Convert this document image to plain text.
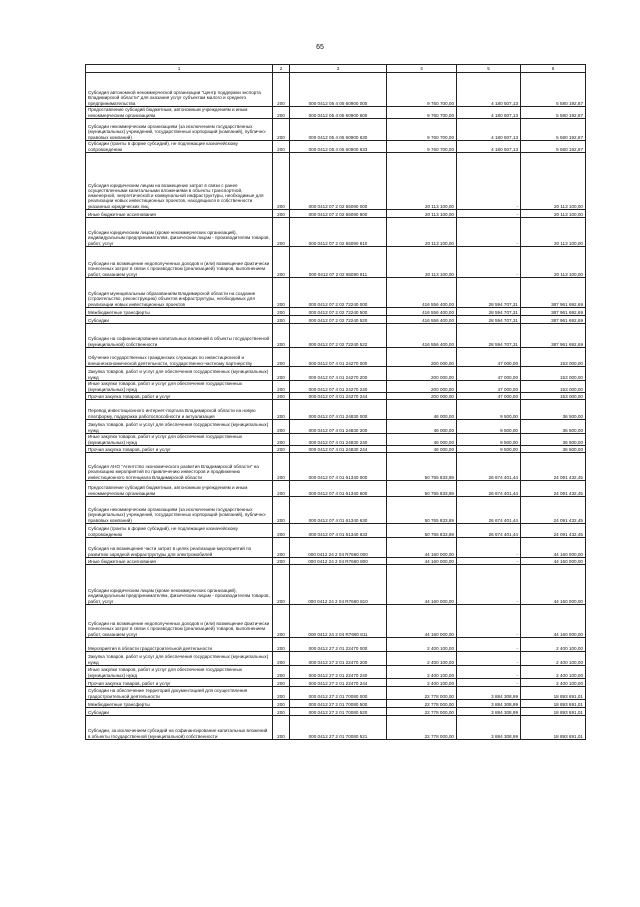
65
1	2	3	4	5	6

Субсидия автономной некоммерческой организации "Центр поддержки экспорта Владимирской области" для оказания услуг субъектам малого и среднего предпринимательства	200	000 0412 05 4 05 60900 000	9 760 700,00	4 180 507,13	5 580 192,87

Предоставление субсидий бюджетным, автономным учреждениям и иным некоммерческим организациям	200	000 0412 05 4 05 60900 600	9 760 700,00	4 180 507,13	5 580 192,87

Субсидии некоммерческим организациям (за исключением государственных (муниципальных) учреждений, государственных корпораций (компаний), публично-правовых компаний)	200	000 0412 05 4 05 60900 630	9 760 700,00	4 180 507,13	5 580 192,87

Субсидии (гранты в форме субсидий), не подлежащие казначейскому сопровождению	200	000 0412 05 4 05 60900 633	9 760 700,00	4 180 507,13	5 580 192,87

Субсидия юридическим лицам на возмещение затрат в связи с ранее осуществленными капитальными вложениями в объекты транспортной, инженерной, энергетической и коммунальной инфраструктуры, необходимые для реализации новых инвестиционных проектов, находящихся в собственности указанных юридических лиц	200	000 0412 07 2 02 65090 000	20 113 100,00	-	20 113 100,00

Иные бюджетные ассигнования	200	000 0412 07 2 02 65090 800	20 113 100,00	-	20 113 100,00

Субсидии юридическим лицам (кроме некоммерческих организаций), индивидуальным предпринимателям, физическим лицам - производителям товаров, работ, услуг	200	000 0412 07 2 02 65090 810	20 113 100,00	-	20 113 100,00

Субсидии на возмещение недополученных доходов и (или) возмещение фактически понесенных затрат в связи с производством (реализацией) товаров, выполнением работ, оказанием услуг	200	000 0412 07 2 02 65090 811	20 113 100,00	-	20 113 100,00

Субсидия муниципальным образованиям Владимирской области на создание (строительство, реконструкцию) объектов инфраструктуры, необходимых для реализации новых инвестиционных проектов	200	000 0412 07 2 02 72240 000	416 556 400,00	28 594 707,31	387 961 692,69

Межбюджетные трансферты	200	000 0412 07 2 02 72240 500	416 556 400,00	28 594 707,31	387 961 692,69

Субсидии	200	000 0412 07 2 02 72240 520	416 556 400,00	28 594 707,31	387 961 692,69

Субсидии на софинансирование капитальных вложений в объекты государственной (муниципальной) собственности	200	000 0412 07 2 02 72240 522	416 556 400,00	28 594 707,31	387 961 692,69

Обучение государственных гражданских служащих по инвестиционной и внешнеэкономической деятельности, государственно-частному партнерству	200	000 0412 07 4 01 24270 000	200 000,00	47 000,00	153 000,00

Закупка товаров, работ и услуг для обеспечения государственных (муниципальных) нужд	200	000 0412 07 4 01 24270 200	200 000,00	47 000,00	153 000,00

Иные закупки товаров, работ и услуг для обеспечения государственных (муниципальных) нужд	200	000 0412 07 4 01 24270 240	200 000,00	47 000,00	153 000,00

Прочая закупка товаров, работ и услуг	200	000 0412 07 4 01 24270 244	200 000,00	47 000,00	153 000,00

Перевод инвестиционного интернет-портала Владимирской области на новую платформу, поддержка работоспособности и актуализация	200	000 0412 07 4 01 24830 000	46 000,00	9 500,00	36 500,00

Закупка товаров, работ и услуг для обеспечения государственных (муниципальных) нужд	200	000 0412 07 4 01 24830 200	46 000,00	9 500,00	36 500,00

Иные закупки товаров, работ и услуг для обеспечения государственных (муниципальных) нужд	200	000 0412 07 4 01 24830 240	46 000,00	9 500,00	36 500,00

Прочая закупка товаров, работ и услуг	200	000 0412 07 4 01 24830 244	46 000,00	9 500,00	36 500,00

Субсидия АНО "Агентство экономического развития Владимирской области" на реализацию мероприятий по привлечению инвесторов и продвижению инвестиционного потенциала Владимирской области	200	000 0412 07 4 01 61340 000	50 765 833,89	26 674 401,44	24 091 432,45

Предоставление субсидий бюджетным, автономным учреждениям и иным некоммерческим организациям	200	000 0412 07 4 01 61340 600	50 765 833,89	26 674 401,44	24 091 432,45

Субсидии некоммерческим организациям (за исключением государственных (муниципальных) учреждений, государственных корпораций (компаний), публично-правовых компаний)	200	000 0412 07 4 01 61340 630	50 765 833,89	26 674 401,44	24 091 432,45

Субсидии (гранты в форме субсидий), не подлежащие казначейскому сопровождению	200	000 0412 07 4 01 61340 633	50 765 833,89	26 674 401,44	24 091 432,45

Субсидия на возмещение части затрат в целях реализации мероприятий по развитию зарядной инфраструктуры для электромобилей	200	000 0412 24 2 04 R7660 000	44 160 000,00	-	44 160 000,00

Иные бюджетные ассигнования	200	000 0412 24 2 04 R7660 800	44 160 000,00	-	44 160 000,00

Субсидии юридическим лицам (кроме некоммерческих организаций), индивидуальным предпринимателям, физическим лицам - производителям товаров, работ, услуг	200	000 0412 24 2 04 R7660 810	44 160 000,00	-	44 160 000,00

Субсидии на возмещение недополученных доходов и (или) возмещение фактически понесенных затрат в связи с производством (реализацией) товаров, выполнением работ, оказанием услуг	200	000 0412 24 2 04 R7660 811	44 160 000,00	-	44 160 000,00

Мероприятия в области градостроительной деятельности	200	000 0412 27 2 01 22470 000	2 400 100,00	-	2 400 100,00

Закупка товаров, работ и услуг для обеспечения государственных (муниципальных) нужд	200	000 0412 27 2 01 22470 200	2 400 100,00	-	2 400 100,00

Иные закупки товаров, работ и услуг для обеспечения государственных (муниципальных) нужд	200	000 0412 27 2 01 22470 240	2 400 100,00	-	2 400 100,00

Прочая закупка товаров, работ и услуг	200	000 0412 27 2 01 22470 244	2 400 100,00	-	2 400 100,00

Субсидии на обеспечение территорий документацией для осуществления градостроительной деятельности	200	000 0412 27 2 01 70080 000	22 778 000,00	3 884 308,99	18 893 691,01

Межбюджетные трансферты	200	000 0412 27 2 01 70080 500	22 778 000,00	3 884 308,99	18 893 691,01

Субсидии	200	000 0412 27 2 01 70080 520	22 778 000,00	3 884 308,99	18 893 691,01

Субсидии, за исключением субсидий на софинансирование капитальных вложений в объекты государственной (муниципальной) собственности	200	000 0412 27 2 01 70080 521	22 778 000,00	3 884 308,99	18 893 691,01
